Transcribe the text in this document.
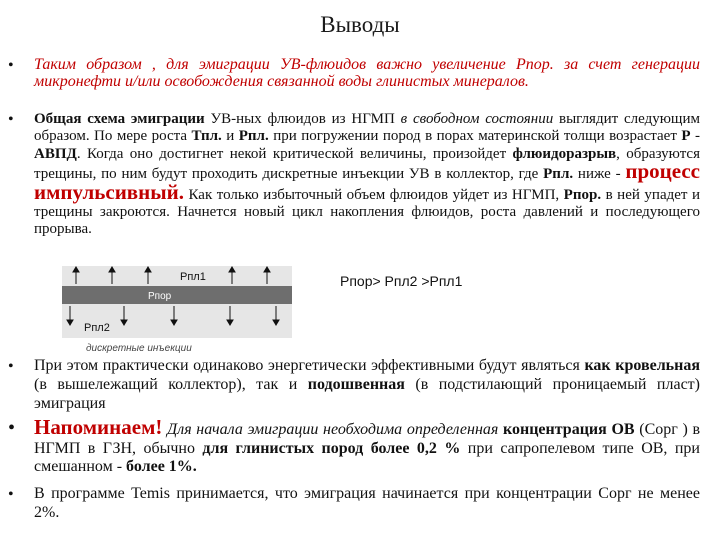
Выводы
• Таким образом , для эмиграции УВ-флюидов важно увеличение Рпор. за счет генерации микронефти и/или освобождения связанной воды глинистых минералов.
• Общая схема эмиграции УВ-ных флюидов из НГМП в свободном состоянии выглядит следующим образом. По мере роста Тпл. и Рпл. при погружении пород в порах материнской толщи возрастает Р - АВПД. Когда оно достигнет некой критической величины, произойдет флюидоразрыв, образуются трещины, по ним будут проходить дискретные инъекции УВ в коллектор, где Рпл. ниже - процесс импульсивный. Как только избыточный объем флюидов уйдет из НГМП, Рпор. в ней упадет и трещины закроются. Начнется новый цикл накопления флюидов, роста давлений и последующего прорыва.
Рпл1
Рпор
Рпл2
дискретные инъекции
Рпор> Рпл2 >Рпл1
• При этом практически одинаково энергетически эффективными будут являться как кровельная (в вышележащий коллектор), так и подошвенная (в подстилающий проницаемый пласт) эмиграция
• Напоминаем! Для начала эмиграции необходима определенная концентрация ОВ (Сорг ) в НГМП в ГЗН, обычно для глинистых пород более 0,2 % при сапропелевом типе ОВ, при смешанном - более 1%.
• В программе Temis принимается, что эмиграция начинается при концентрации Сорг не менее 2%.
